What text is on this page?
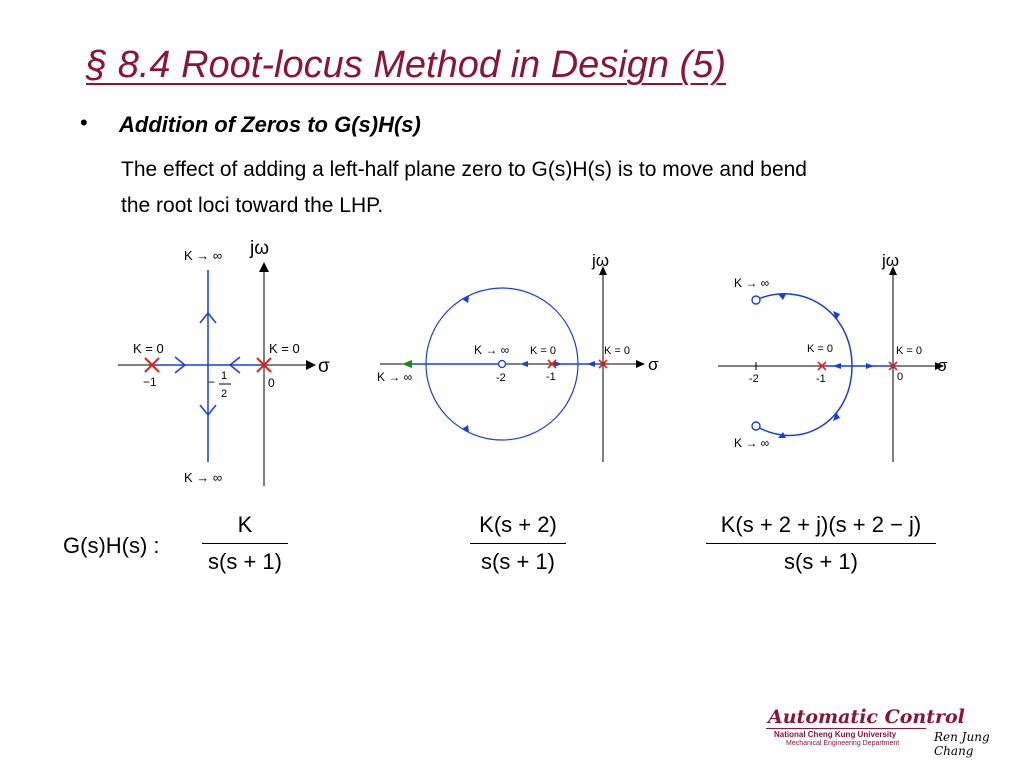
§ 8.4 Root-locus Method in Design (5)
• Addition of Zeros to G(s)H(s)

The effect of adding a left-half plane zero to G(s)H(s) is to move and bend
the root loci toward the LHP.

jω
σ
K → ∞
K → ∞
K = 0	K = 0
−1	− 1
2
0
jω
σ
K → ∞
K → ∞ K = 0	K = 0
-2	-1
jω
σ
K → ∞
K → ∞
K = 0	K = 0
-2	-1	0
G(s)H(s) :
K
s(s + 1)
K(s + 2)
s(s + 1)
K(s + 2 + j)(s + 2 − j)
s(s + 1)
Automatic Control
National Cheng Kung University
Mechanical Engineering Department	Ren Jung Chang
